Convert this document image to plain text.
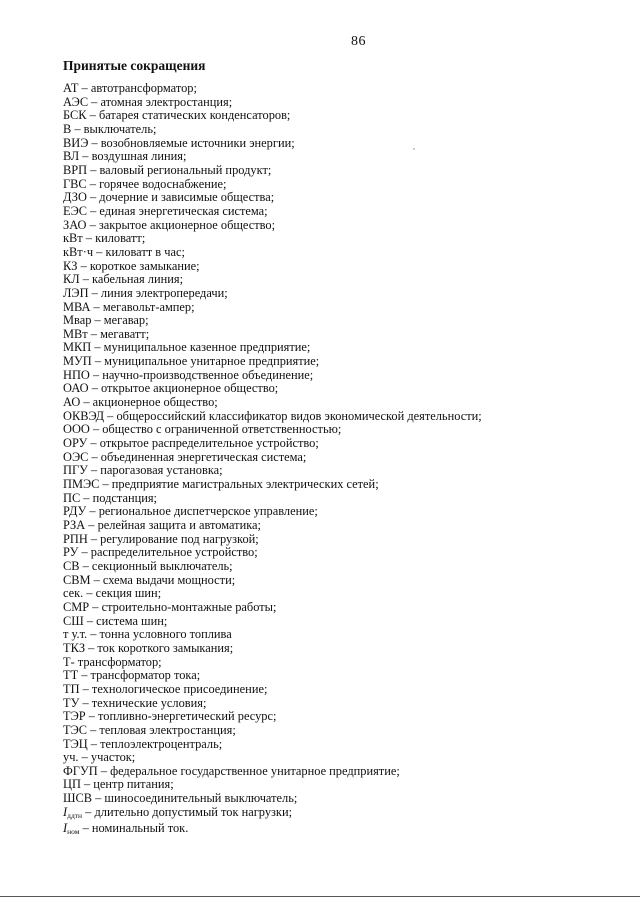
86
Принятые сокращения
АТ – автотрансформатор;
АЭС – атомная электростанция;
БСК – батарея статических конденсаторов;
В – выключатель;
ВИЭ – возобновляемые источники энергии;
ВЛ – воздушная линия;
ВРП – валовый региональный продукт;
ГВС – горячее водоснабжение;
ДЗО – дочерние и зависимые общества;
ЕЭС – единая энергетическая система;
ЗАО – закрытое акционерное общество;
кВт – киловатт;
кВт·ч – киловатт в час;
КЗ – короткое замыкание;
КЛ – кабельная линия;
ЛЭП – линия электропередачи;
МВА – мегавольт-ампер;
Мвар – мегавар;
МВт – мегаватт;
МКП – муниципальное казенное предприятие;
МУП – муниципальное унитарное предприятие;
НПО – научно-производственное объединение;
ОАО – открытое акционерное общество;
АО – акционерное общество;
ОКВЭД – общероссийский классификатор видов экономической деятельности;
ООО – общество с ограниченной ответственностью;
ОРУ – открытое распределительное устройство;
ОЭС – объединенная энергетическая система;
ПГУ – парогазовая установка;
ПМЭС – предприятие магистральных электрических сетей;
ПС – подстанция;
РДУ – региональное диспетчерское управление;
РЗА – релейная защита и автоматика;
РПН – регулирование под нагрузкой;
РУ – распределительное устройство;
СВ – секционный выключатель;
СВМ – схема выдачи мощности;
сек. – секция шин;
СМР – строительно-монтажные работы;
СШ – система шин;
т у.т. – тонна условного топлива
ТКЗ – ток короткого замыкания;
Т- трансформатор;
ТТ – трансформатор тока;
ТП – технологическое присоединение;
ТУ – технические условия;
ТЭР – топливно-энергетический ресурс;
ТЭС – тепловая электростанция;
ТЭЦ – теплоэлектроцентраль;
уч. – участок;
ФГУП – федеральное государственное унитарное предприятие;
ЦП – центр питания;
ШСВ – шиносоединительный выключатель;
$I_{ддтн}$ – длительно допустимый ток нагрузки;
$I_{ном}$ – номинальный ток.
